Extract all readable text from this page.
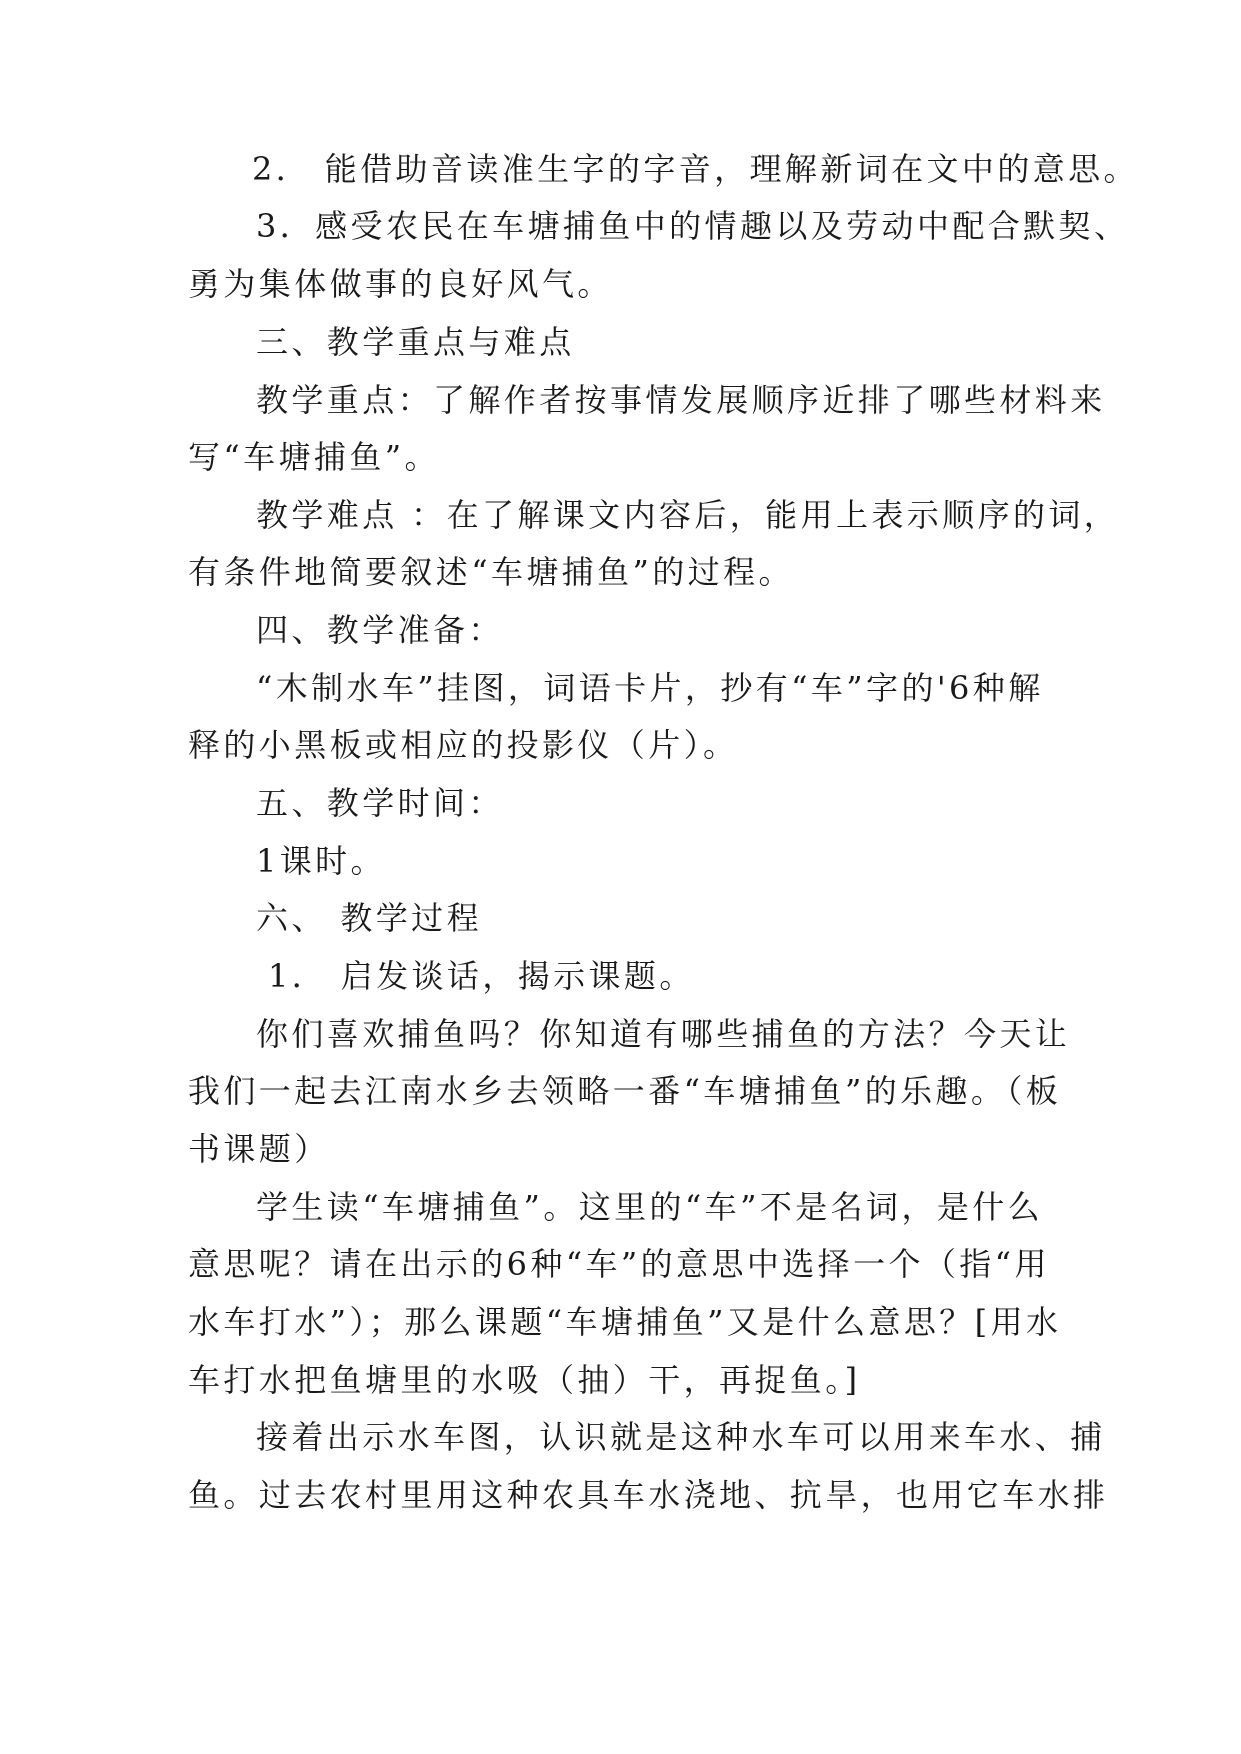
2． 能借助音读准生字的字音，理解新词在文中的意思。

3．感受农民在车塘捕鱼中的情趣以及劳动中配合默契、

勇为集体做事的良好风气。

三、教学重点与难点

教学重点：了解作者按事情发展顺序近排了哪些材料来

写“车塘捕鱼”。

教学难点 ：在了解课文内容后，能用上表示顺序的词，

有条件地简要叙述“车塘捕鱼”的过程。

四、教学准备：

“木制水车”挂图，词语卡片，抄有“车”字的'6种解

释的小黑板或相应的投影仪（片）。

五、教学时间：

1课时。

六、 教学过程

1． 启发谈话，揭示课题。

你们喜欢捕鱼吗？你知道有哪些捕鱼的方法？今天让

我们一起去江南水乡去领略一番“车塘捕鱼”的乐趣。（板

书课题）

学生读“车塘捕鱼”。这里的“车”不是名词，是什么

意思呢？请在出示的6种“车”的意思中选择一个（指“用

水车打水”）；那么课题“车塘捕鱼”又是什么意思？[用水

车打水把鱼塘里的水吸（抽）干，再捉鱼。]

接着出示水车图，认识就是这种水车可以用来车水、捕

鱼。过去农村里用这种农具车水浇地、抗旱，也用它车水排
